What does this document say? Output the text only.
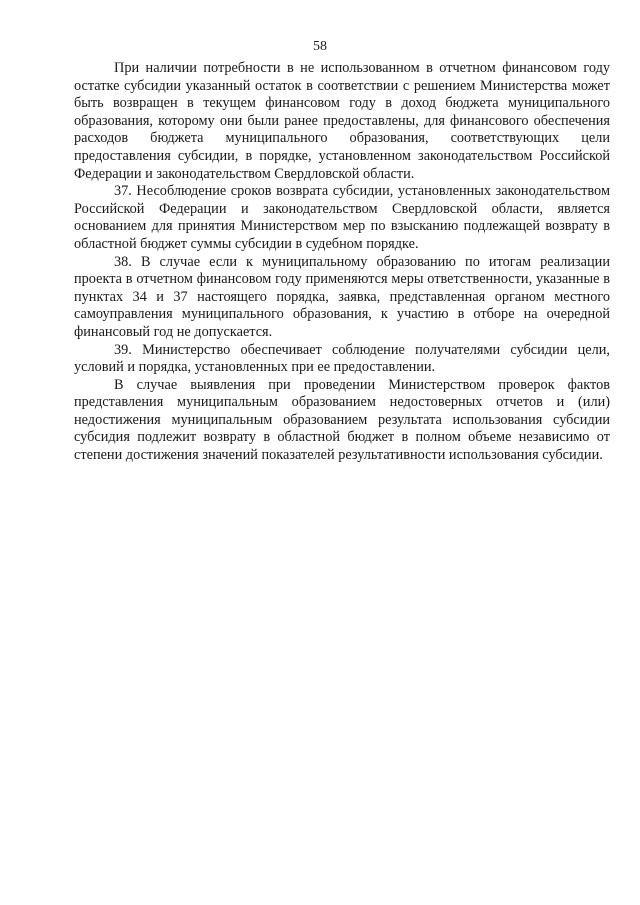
58

При наличии потребности в не использованном в отчетном финансовом году остатке субсидии указанный остаток в соответствии с решением Министерства может быть возвращен в текущем финансовом году в доход бюджета муниципального образования, которому они были ранее предоставлены, для финансового обеспечения расходов бюджета муниципального образования, соответствующих цели предоставления субсидии, в порядке, установленном законодательством Российской Федерации и законодательством Свердловской области.

37. Несоблюдение сроков возврата субсидии, установленных законодательством Российской Федерации и законодательством Свердловской области, является основанием для принятия Министерством мер по взысканию подлежащей возврату в областной бюджет суммы субсидии в судебном порядке.

38. В случае если к муниципальному образованию по итогам реализации проекта в отчетном финансовом году применяются меры ответственности, указанные в пунктах 34 и 37 настоящего порядка, заявка, представленная органом местного самоуправления муниципального образования, к участию в отборе на очередной финансовый год не допускается.

39. Министерство обеспечивает соблюдение получателями субсидии цели, условий и порядка, установленных при ее предоставлении.

В случае выявления при проведении Министерством проверок фактов представления муниципальным образованием недостоверных отчетов и (или) недостижения муниципальным образованием результата использования субсидии субсидия подлежит возврату в областной бюджет в полном объеме независимо от степени достижения значений показателей результативности использования субсидии.
